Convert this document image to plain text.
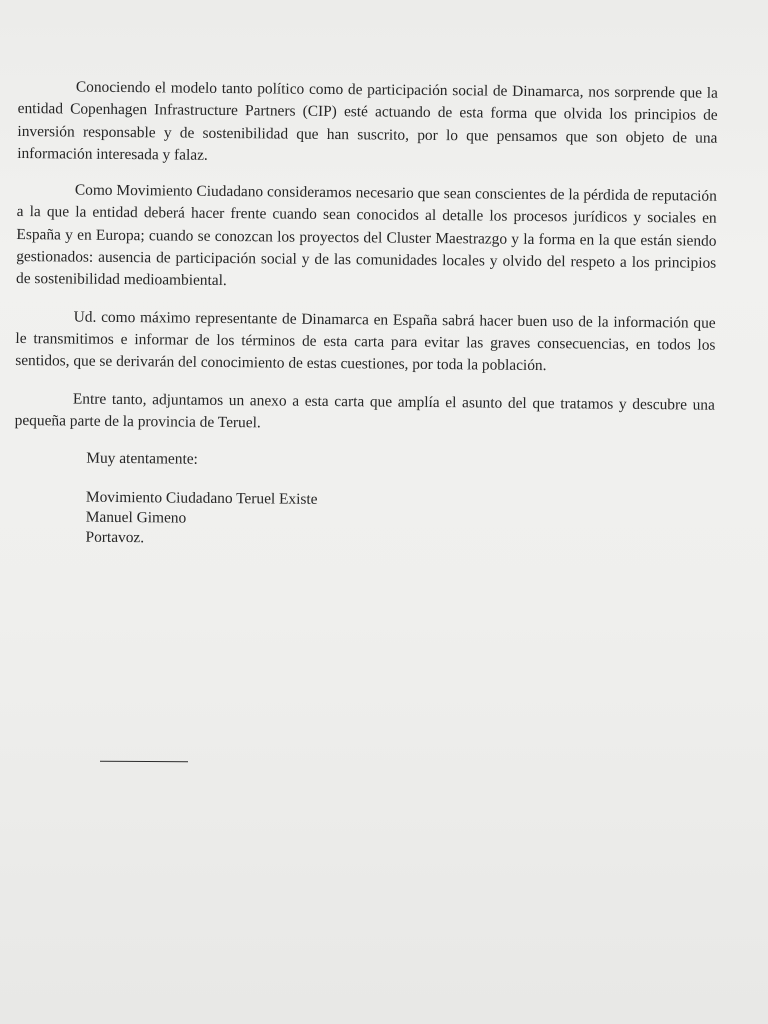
Conociendo el modelo tanto político como de participación social de Dinamarca, nos sorprende que la entidad Copenhagen Infrastructure Partners (CIP) esté actuando de esta forma que olvida los principios de inversión responsable y de sostenibilidad que han suscrito, por lo que pensamos que son objeto de una información interesada y falaz.

Como Movimiento Ciudadano consideramos necesario que sean conscientes de la pérdida de reputación a la que la entidad deberá hacer frente cuando sean conocidos al detalle los procesos jurídicos y sociales en España y en Europa; cuando se conozcan los proyectos del Cluster Maestrazgo y la forma en la que están siendo gestionados: ausencia de participación social y de las comunidades locales y olvido del respeto a los principios de sostenibilidad medioambiental.

Ud. como máximo representante de Dinamarca en España sabrá hacer buen uso de la información que le transmitimos e informar de los términos de esta carta para evitar las graves consecuencias, en todos los sentidos, que se derivarán del conocimiento de estas cuestiones, por toda la población.

Entre tanto, adjuntamos un anexo a esta carta que amplía el asunto del que tratamos y descubre una pequeña parte de la provincia de Teruel.

Muy atentamente:
Movimiento Ciudadano Teruel Existe
Manuel Gimeno
Portavoz.
